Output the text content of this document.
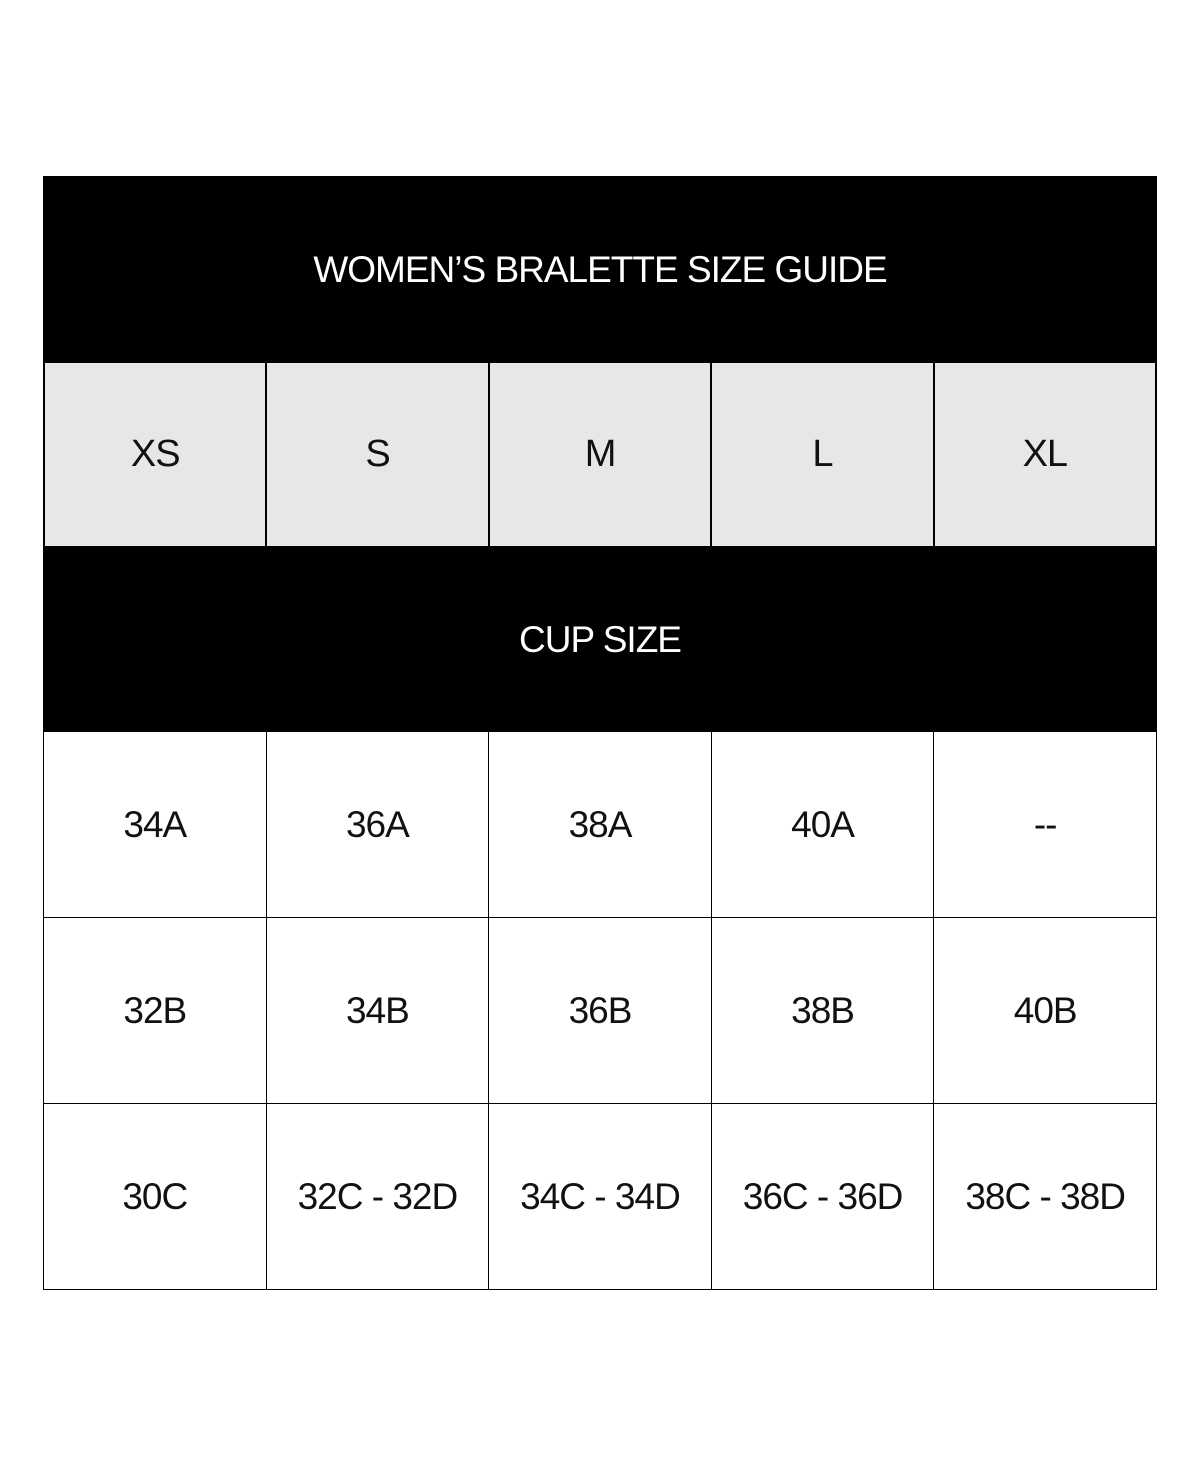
WOMEN’S BRALETTE SIZE GUIDE
XS	S	M	L	XL
CUP SIZE
34A	36A	38A	40A	--
32B	34B	36B	38B	40B
30C	32C - 32D	34C - 34D	36C - 36D	38C - 38D
